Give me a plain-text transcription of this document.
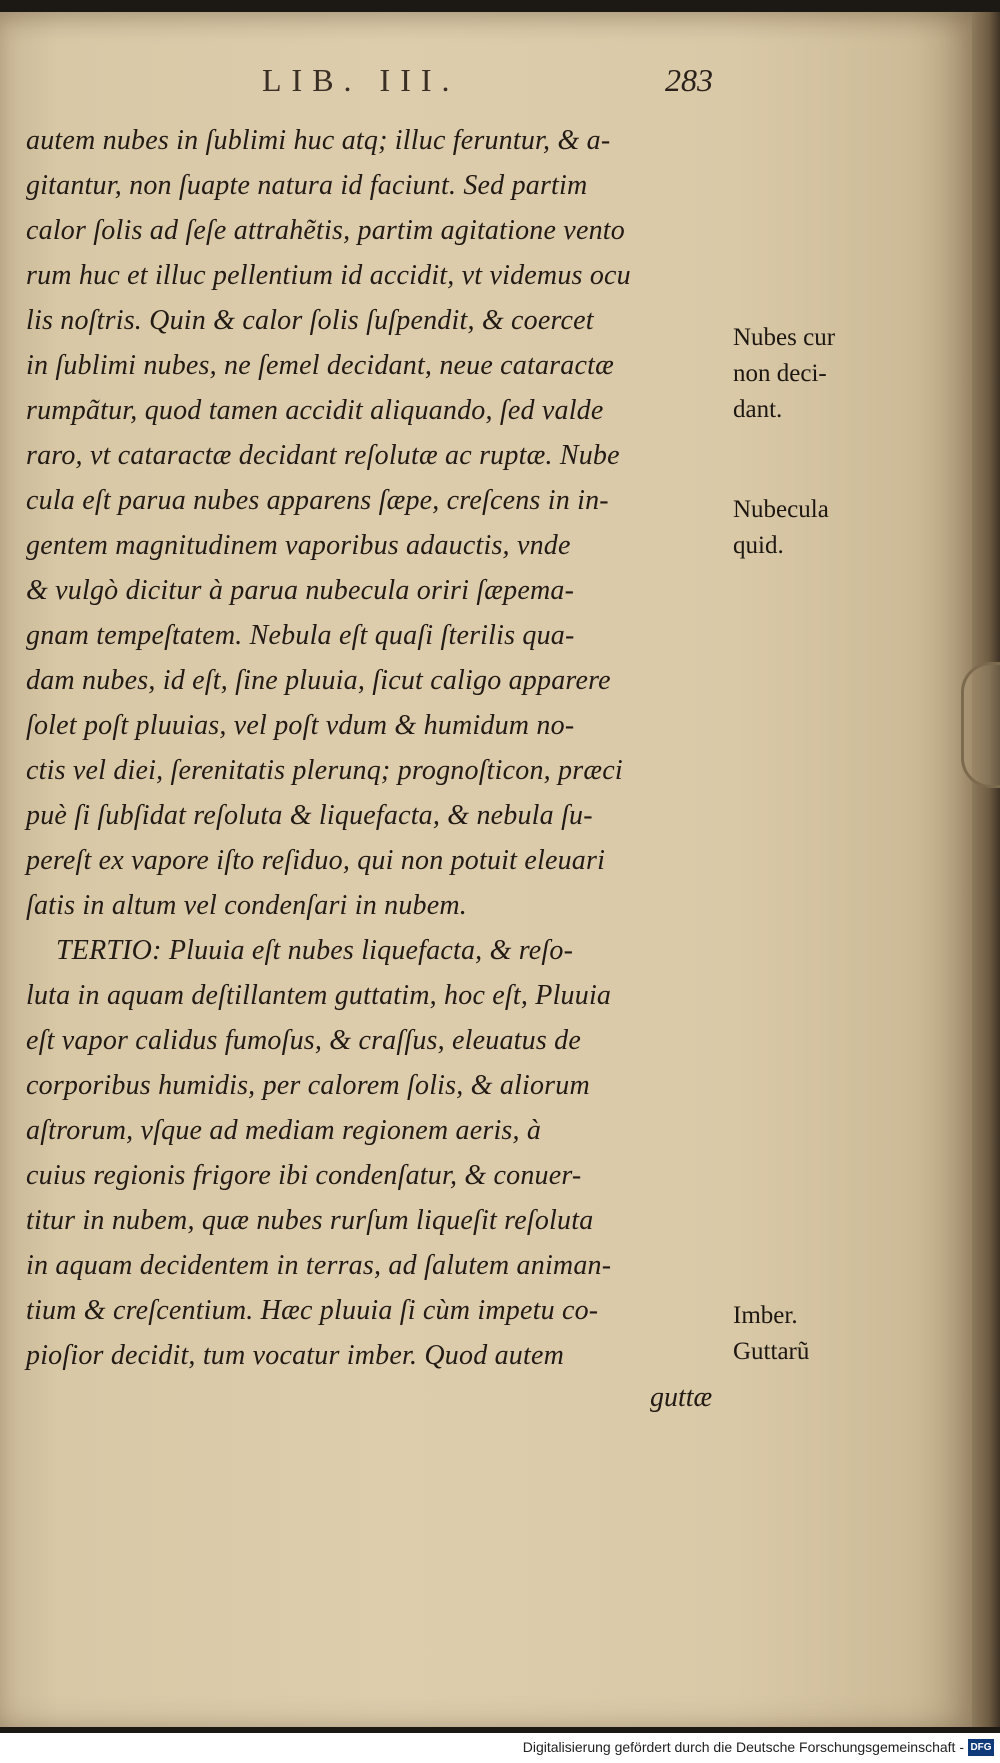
LIB. III.	283
autem nubes in ſublimi huc atq; illuc feruntur, & a-
gitantur, non ſuapte natura id faciunt. Sed partim
calor ſolis ad ſeſe attrahẽtis, partim agitatione vento
rum huc et illuc pellentium id accidit, vt videmus ocu
lis noſtris. Quin & calor ſolis ſuſpendit, & coercet
in ſublimi nubes, ne ſemel decidant, neue cataractæ
rumpãtur, quod tamen accidit aliquando, ſed valde
raro, vt cataractæ decidant reſolutæ ac ruptæ. Nube
cula eſt parua nubes apparens ſæpe, creſcens in in-
gentem magnitudinem vaporibus adauctis, vnde
& vulgò dicitur à parua nubecula oriri ſæpema-
gnam tempeſtatem. Nebula eſt quaſi ſterilis qua-
dam nubes, id eſt, ſine pluuia, ſicut caligo apparere
ſolet poſt pluuias, vel poſt vdum & humidum no-
ctis vel diei, ſerenitatis plerunq; prognoſticon, præci
puè ſi ſubſidat reſoluta & liquefacta, & nebula ſu-
pereſt ex vapore iſto reſiduo, qui non potuit eleuari
ſatis in altum vel condenſari in nubem.
TERTIO: Pluuia eſt nubes liquefacta, & reſo-
luta in aquam deſtillantem guttatim, hoc eſt, Pluuia
eſt vapor calidus fumoſus, & craſſus, eleuatus de
corporibus humidis, per calorem ſolis, & aliorum
aſtrorum, vſque ad mediam regionem aeris, à
cuius regionis frigore ibi condenſatur, & conuer-
titur in nubem, quæ nubes rurſum liqueſit reſoluta
in aquam decidentem in terras, ad ſalutem animan-
tium & creſcentium. Hæc pluuia ſi cùm impetu co-
pioſior decidit, tum vocatur imber. Quod autem
guttæ
Nubes cur
non deci-
dant.
Nubecula
quid.
Imber.
Guttarũ
Digitalisierung gefördert durch die Deutsche Forschungsgemeinschaft - DFG
